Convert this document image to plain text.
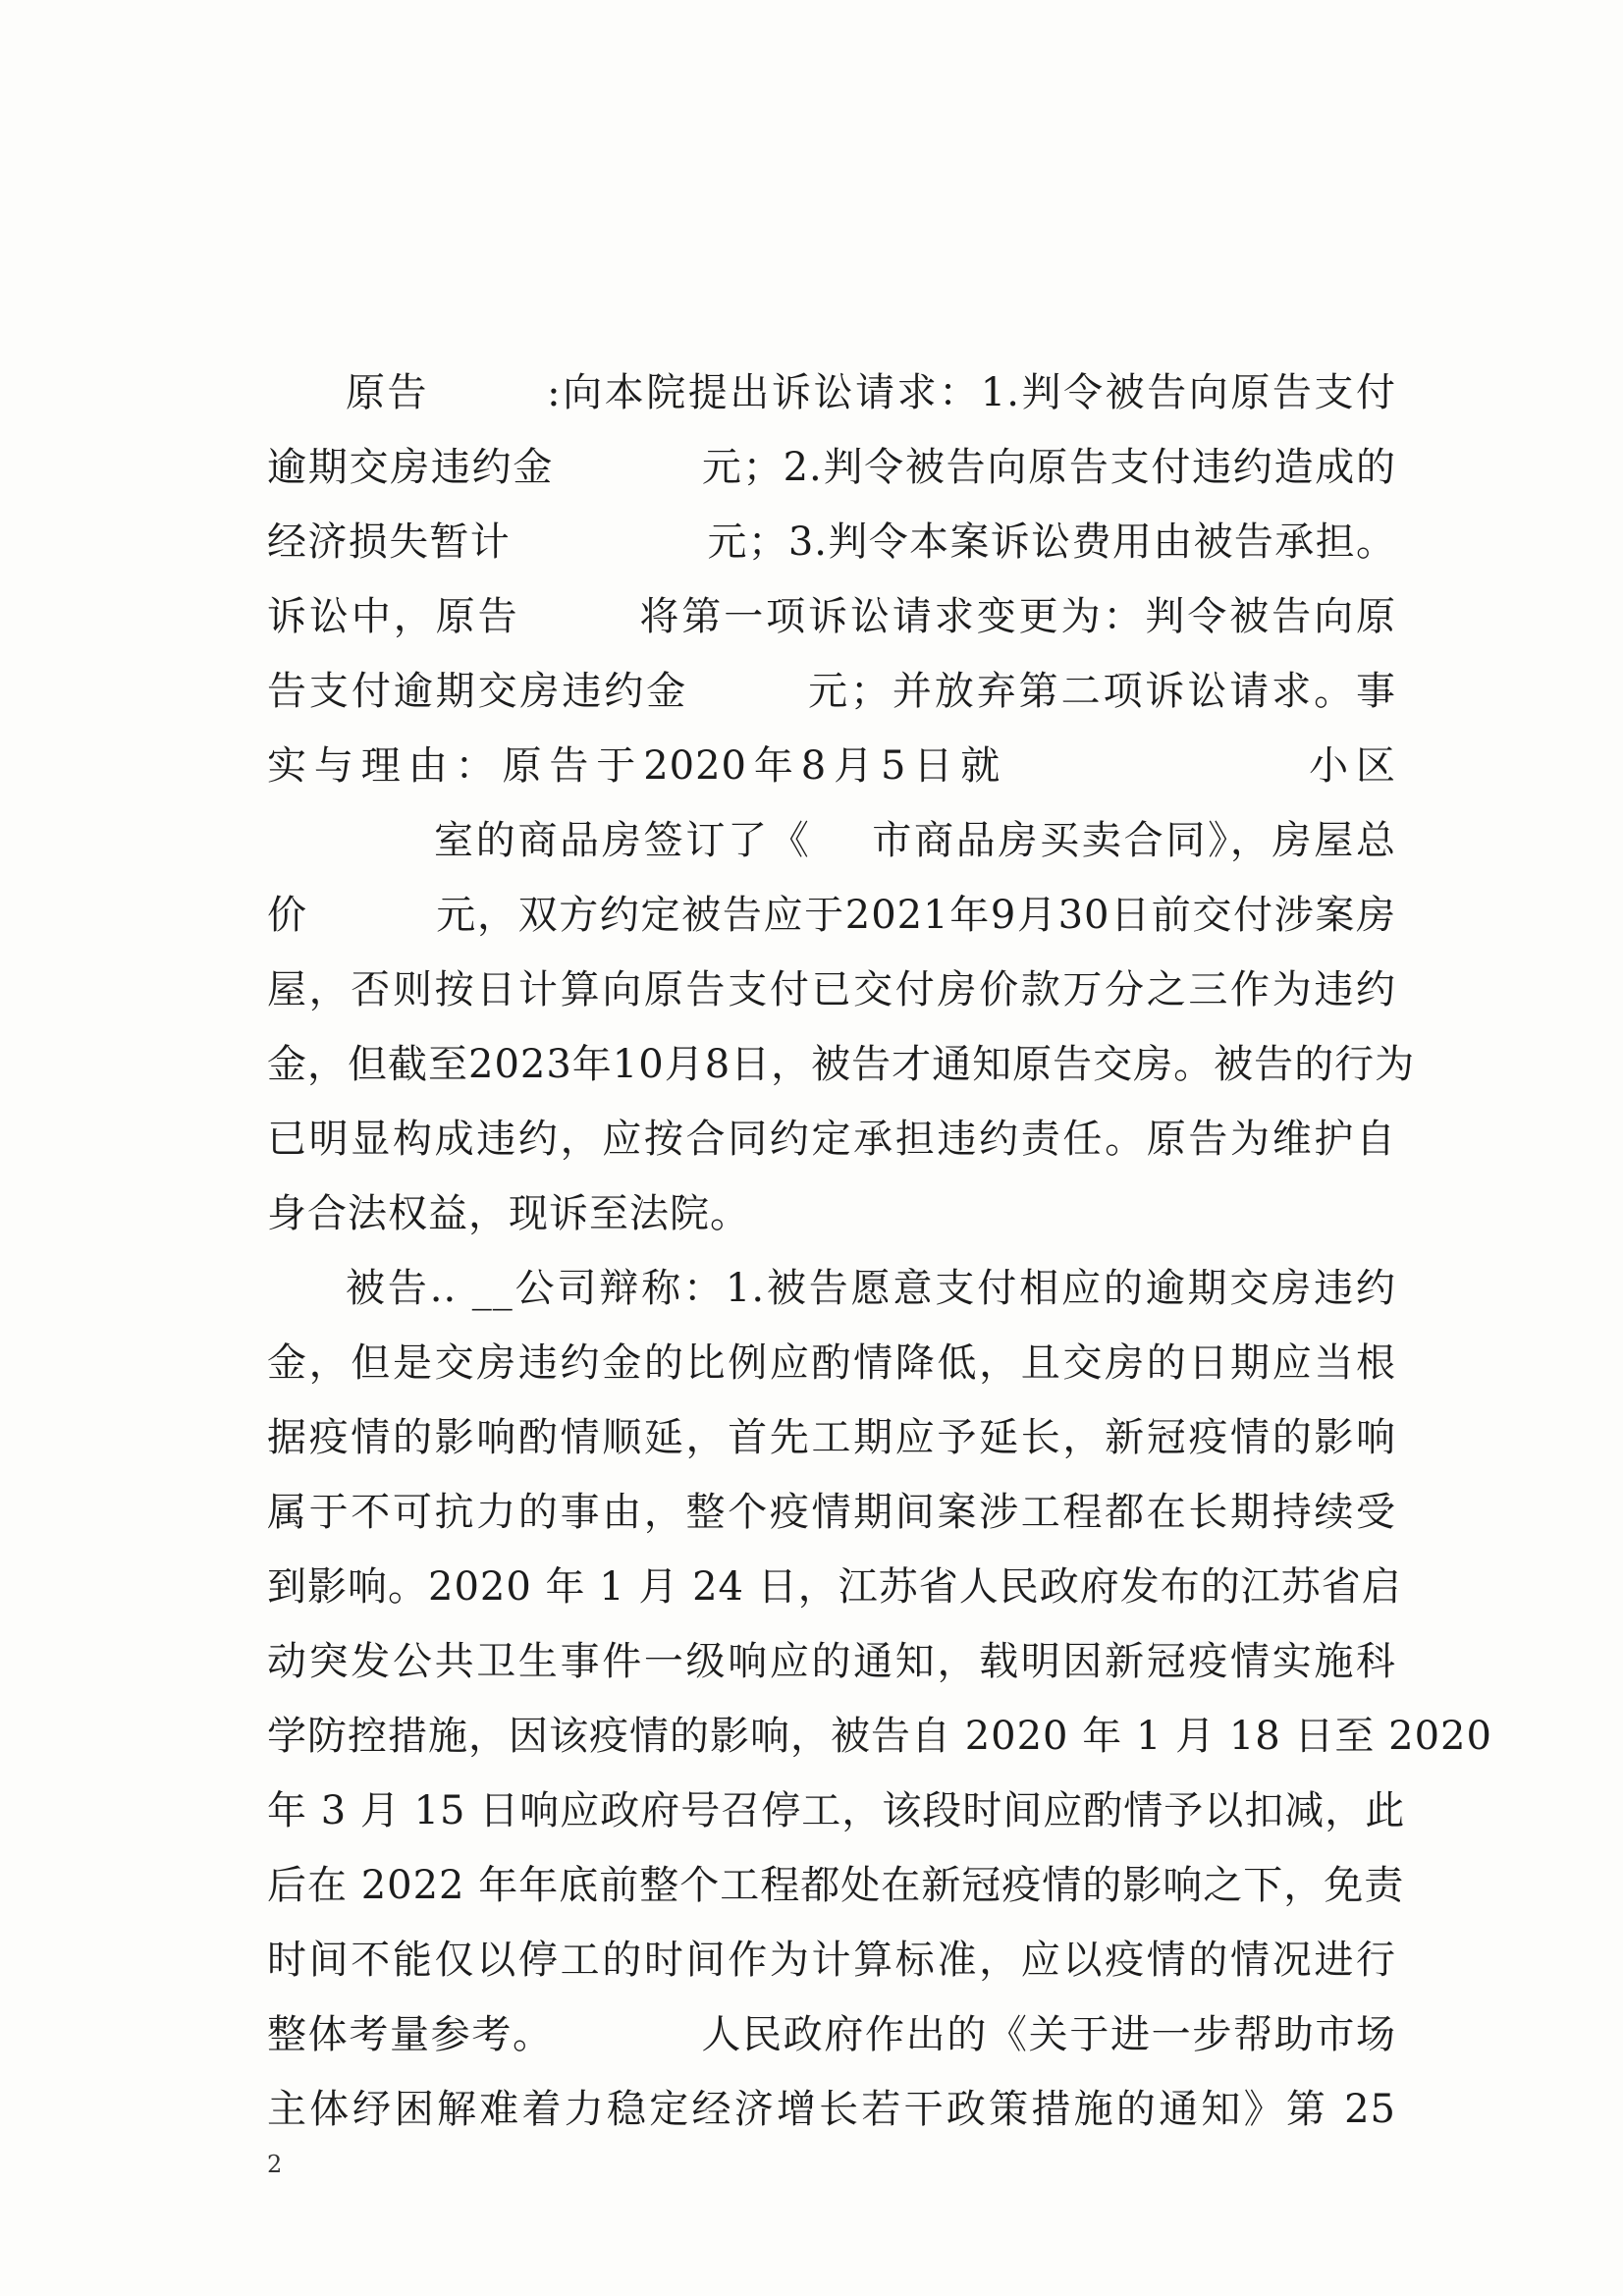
原告	:向本院提出诉讼请求：1.判令被告向原告支付
逾期交房违约金	元；2.判令被告向原告支付违约造成的
经济损失暂计	元；3.判令本案诉讼费用由被告承担。
诉讼中，原告	将第一项诉讼请求变更为：判令被告向原
告支付逾期交房违约金	元；并放弃第二项诉讼请求。事
实与理由：原告于2020年8月5日就	小区
室的商品房签订了《 市商品房买卖合同》，房屋总
价	元，双方约定被告应于2021年9月30日前交付涉案房
屋，否则按日计算向原告支付已交付房价款万分之三作为违约
金，但截至2023年10月8日，被告才通知原告交房。被告的行为
已明显构成违约，应按合同约定承担违约责任。原告为维护自
身合法权益，现诉至法院。
被告.. __公司辩称：1.被告愿意支付相应的逾期交房违约
金，但是交房违约金的比例应酌情降低，且交房的日期应当根
据疫情的影响酌情顺延，首先工期应予延长，新冠疫情的影响
属于不可抗力的事由，整个疫情期间案涉工程都在长期持续受
到影响。2020 年 1 月 24 日，江苏省人民政府发布的江苏省启
动突发公共卫生事件一级响应的通知，载明因新冠疫情实施科
学防控措施，因该疫情的影响，被告自 2020 年 1 月 18 日至 2020
年 3 月 15 日响应政府号召停工，该段时间应酌情予以扣减，此
后在 2022 年年底前整个工程都处在新冠疫情的影响之下，免责
时间不能仅以停工的时间作为计算标准，应以疫情的情况进行
整体考量参考。	人民政府作出的《关于进一步帮助市场
主体纾困解难着力稳定经济增长若干政策措施的通知》第 25
2
